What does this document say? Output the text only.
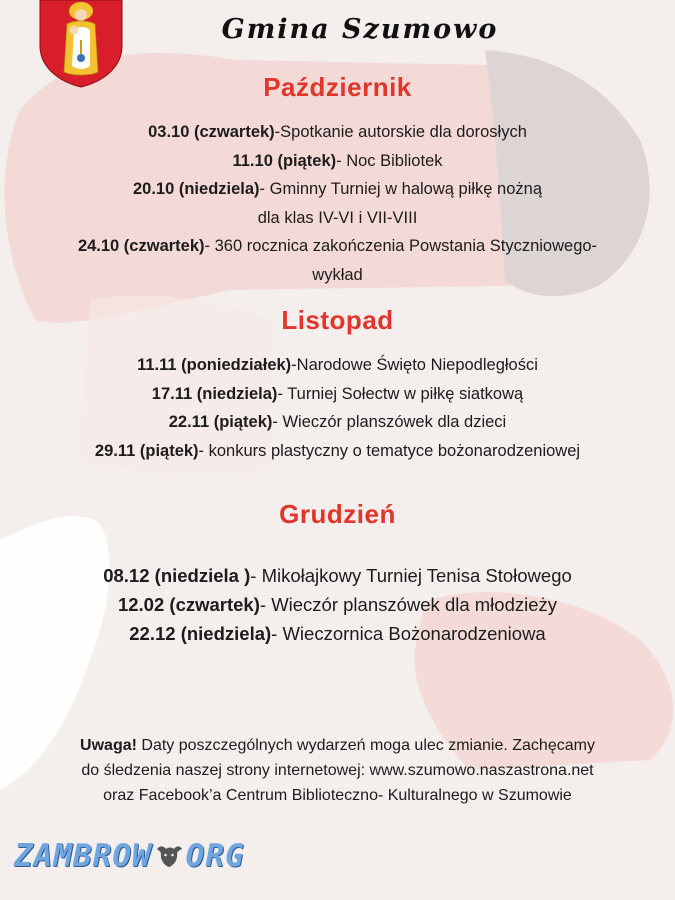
Gmina Szumowo
Październik
03.10 (czwartek)-Spotkanie autorskie dla dorosłych
11.10 (piątek)- Noc Bibliotek
20.10 (niedziela)- Gminny Turniej w halową piłkę nożną
dla klas IV-VI i VII-VIII
24.10 (czwartek)- 360 rocznica zakończenia Powstania Styczniowego-
wykład
Listopad
11.11 (poniedziałek)-Narodowe Święto Niepodległości
17.11 (niedziela)- Turniej Sołectw w piłkę siatkową
22.11 (piątek)- Wieczór planszówek dla dzieci
29.11 (piątek)- konkurs plastyczny o tematyce bożonarodzeniowej
Grudzień
08.12 (niedziela )- Mikołajkowy Turniej Tenisa Stołowego
12.02 (czwartek)- Wieczór planszówek dla młodzieży
22.12 (niedziela)- Wieczornica Bożonarodzeniowa
Uwaga! Daty poszczególnych wydarzeń moga ulec zmianie. Zachęcamy
do śledzenia naszej strony internetowej: www.szumowo.naszastrona.net
oraz Facebook’a Centrum Biblioteczno- Kulturalnego w Szumowie
ZAMBROW ORG
